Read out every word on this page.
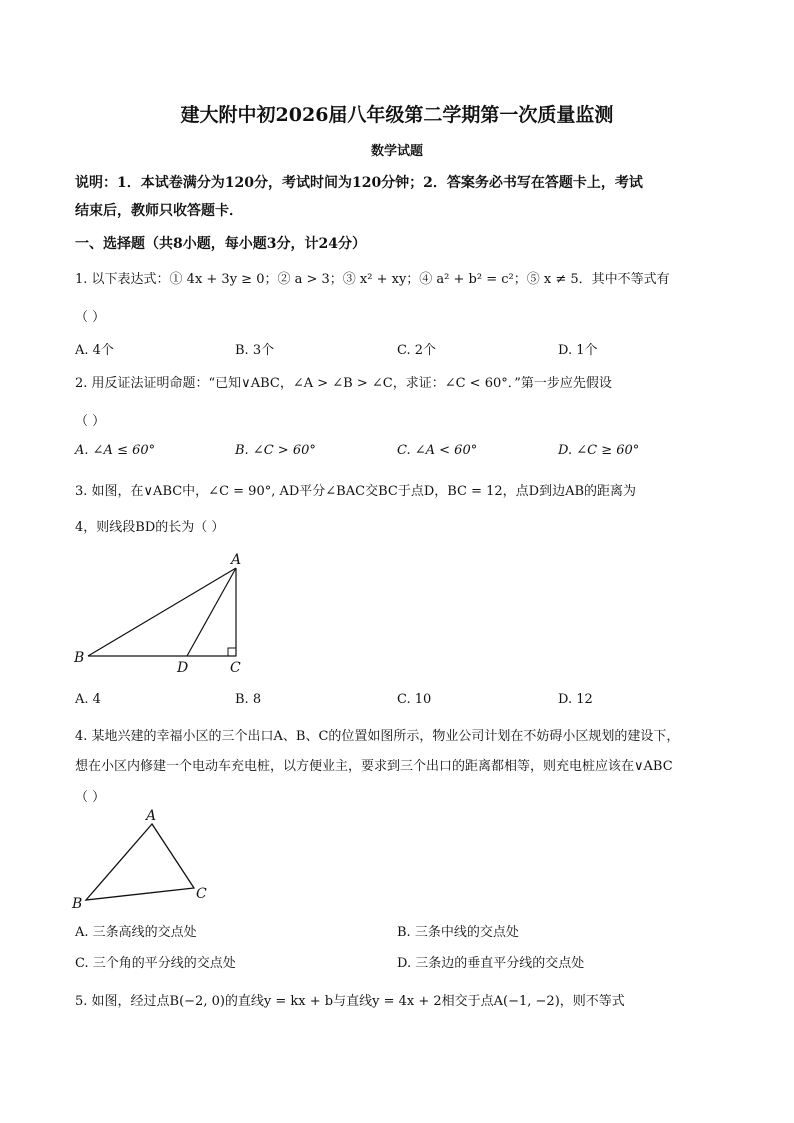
建大附中初2026届八年级第二学期第一次质量监测
数学试题
说明：1．本试卷满分为120分，考试时间为120分钟；2．答案务必书写在答题卡上，考试
结束后，教师只收答题卡．
一、选择题（共8小题，每小题3分，计24分）
1. 以下表达式：① 4x + 3y ≥ 0；② a > 3；③ x² + xy；④ a² + b² = c²；⑤ x ≠ 5．其中不等式有
（ ）
A. 4个	B. 3个	C. 2个	D. 1个
2. 用反证法证明命题：“已知∨ABC，∠A > ∠B > ∠C，求证：∠C < 60°．”第一步应先假设
（ ）
A. ∠A ≤ 60°	B. ∠C > 60°	C. ∠A < 60°	D. ∠C ≥ 60°
3. 如图，在∨ABC中，∠C = 90°, AD平分∠BAC交BC于点D，BC = 12，点D到边AB的距离为
4，则线段BD的长为（ ）
A
B
C
D
A. 4	B. 8	C. 10	D. 12
4. 某地兴建的幸福小区的三个出口A、B、C的位置如图所示，物业公司计划在不妨碍小区规划的建设下，
想在小区内修建一个电动车充电桩，以方便业主，要求到三个出口的距离都相等，则充电桩应该在∨ABC
（ ）
A
B
C
A. 三条高线的交点处	B. 三条中线的交点处
C. 三个角的平分线的交点处	D. 三条边的垂直平分线的交点处
5. 如图，经过点B(−2, 0)的直线y = kx + b与直线y = 4x + 2相交于点A(−1, −2)，则不等式
